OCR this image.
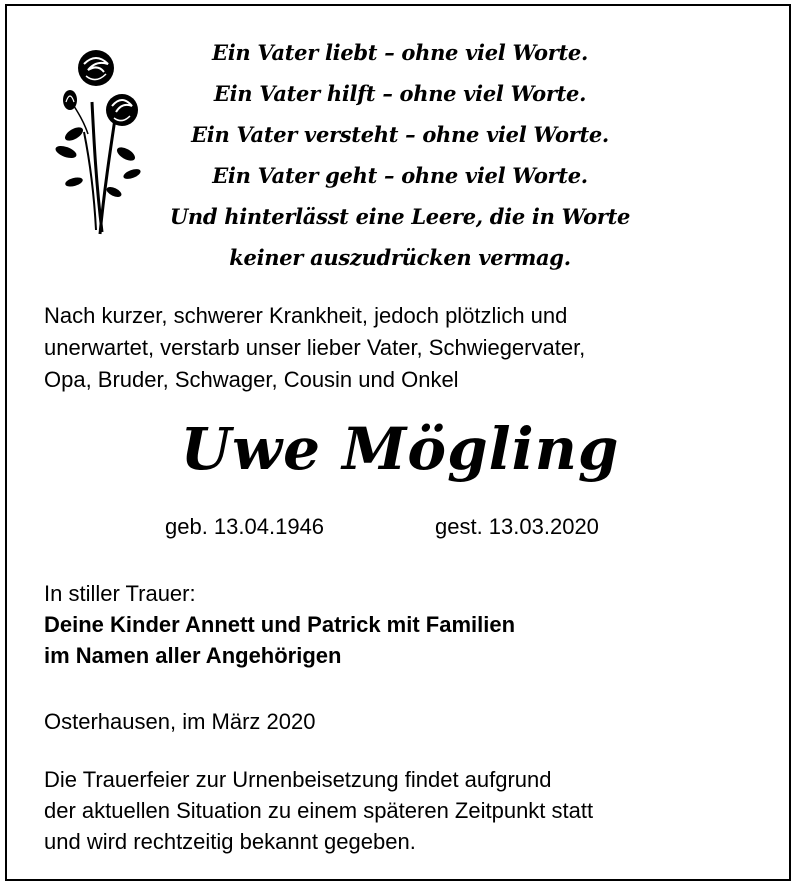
Ein Vater liebt – ohne viel Worte.
Ein Vater hilft – ohne viel Worte.
Ein Vater versteht – ohne viel Worte.
Ein Vater geht – ohne viel Worte.
Und hinterlässt eine Leere, die in Worte
keiner auszudrücken vermag.
Nach kurzer, schwerer Krankheit, jedoch plötzlich und
unerwartet, verstarb unser lieber Vater, Schwiegervater,
Opa, Bruder, Schwager, Cousin und Onkel
Uwe Mögling
geb. 13.04.1946	gest. 13.03.2020
In stiller Trauer:
Deine Kinder Annett und Patrick mit Familien
im Namen aller Angehörigen
Osterhausen, im März 2020
Die Trauerfeier zur Urnenbeisetzung findet aufgrund
der aktuellen Situation zu einem späteren Zeitpunkt statt
und wird rechtzeitig bekannt gegeben.
